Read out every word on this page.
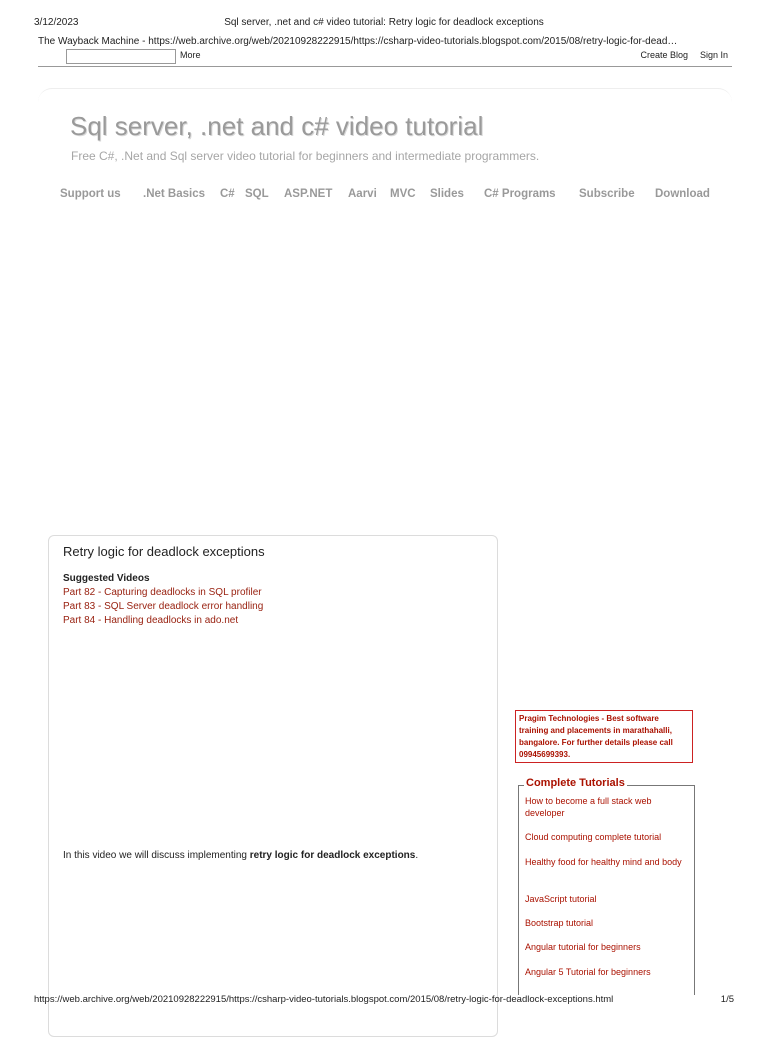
3/12/2023	Sql server, .net and c# video tutorial: Retry logic for deadlock exceptions
The Wayback Machine - https://web.archive.org/web/20210928222915/https://csharp-video-tutorials.blogspot.com/2015/08/retry-logic-for-dead…
More	Create Blog Sign In
Sql server, .net and c# video tutorial
Free C#, .Net and Sql server video tutorial for beginners and intermediate programmers.
Support us .Net Basics C# SQL ASP.NET Aarvi MVC Slides C# Programs Subscribe Download
Retry logic for deadlock exceptions
Suggested Videos
Part 82 - Capturing deadlocks in SQL profiler
Part 83 - SQL Server deadlock error handling
Part 84 - Handling deadlocks in ado.net
In this video we will discuss implementing retry logic for deadlock exceptions.
Pragim Technologies - Best software training and placements in marathahalli, bangalore. For further details please call 09945699393.
Complete Tutorials
How to become a full stack web developer
Cloud computing complete tutorial
Healthy food for healthy mind and body
JavaScript tutorial
Bootstrap tutorial
Angular tutorial for beginners
Angular 5 Tutorial for beginners
https://web.archive.org/web/20210928222915/https://csharp-video-tutorials.blogspot.com/2015/08/retry-logic-for-deadlock-exceptions.html	1/5
